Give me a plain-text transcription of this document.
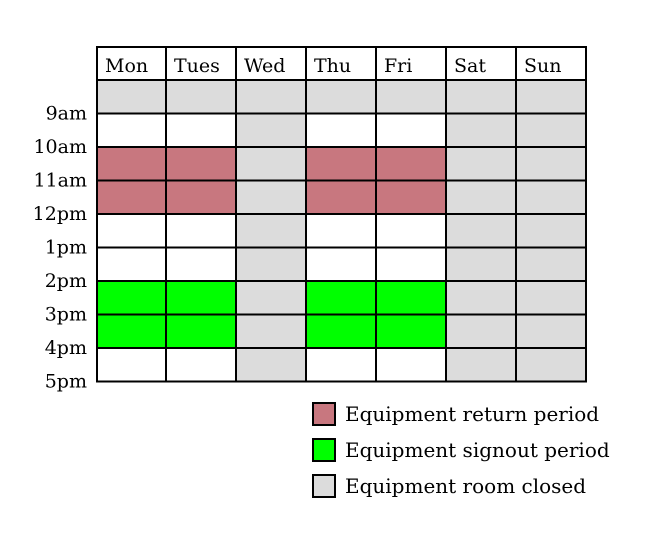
Mon Tues Wed Thu Fri Sat Sun
9am
10am
11am
12pm
1pm
2pm
3pm
4pm
5pm
Equipment return period
Equipment signout period
Equipment room closed
